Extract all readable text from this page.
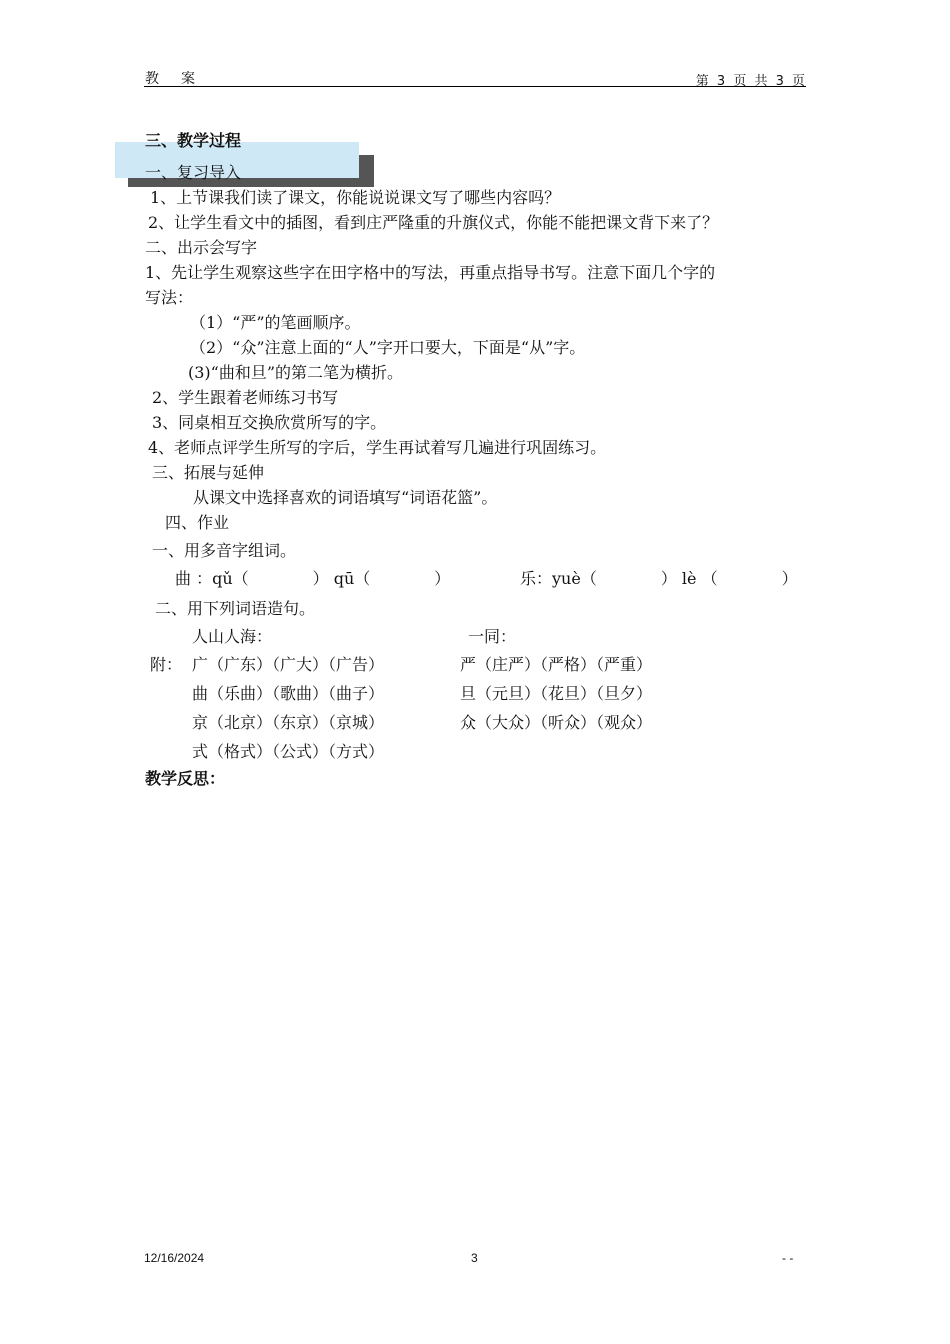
教　案	第 3 页 共 3 页
三、教学过程
一、复习导入
1、上节课我们读了课文，你能说说课文写了哪些内容吗？
2、让学生看文中的插图，看到庄严隆重的升旗仪式，你能不能把课文背下来了？
二、出示会写字
1、先让学生观察这些字在田字格中的写法，再重点指导书写。注意下面几个字的
写法：
（1）“严”的笔画顺序。
（2）“众”注意上面的“人”字开口要大，下面是“从”字。
(3)“曲和旦”的第二笔为横折。
2、学生跟着老师练习书写
3、同桌相互交换欣赏所写的字。
4、老师点评学生所写的字后，学生再试着写几遍进行巩固练习。
三、拓展与延伸
从课文中选择喜欢的词语填写“词语花篮”。
四、作业
一、用多音字组词。
曲 ：qǔ（　　　　） qū（　　　　）	乐：yuè（　　　　） lè （　　　　）
二、用下列词语造句。
人山人海：	一同：
附： 广（广东）（广大）（广告）	严（庄严）（严格）（严重）
曲（乐曲）（歌曲）（曲子）	旦（元旦）（花旦）（旦夕）
京（北京）（东京）（京城）	众（大众）（听众）（观众）
式（格式）（公式）（方式）
教学反思：
12/16/2024	3	- -
